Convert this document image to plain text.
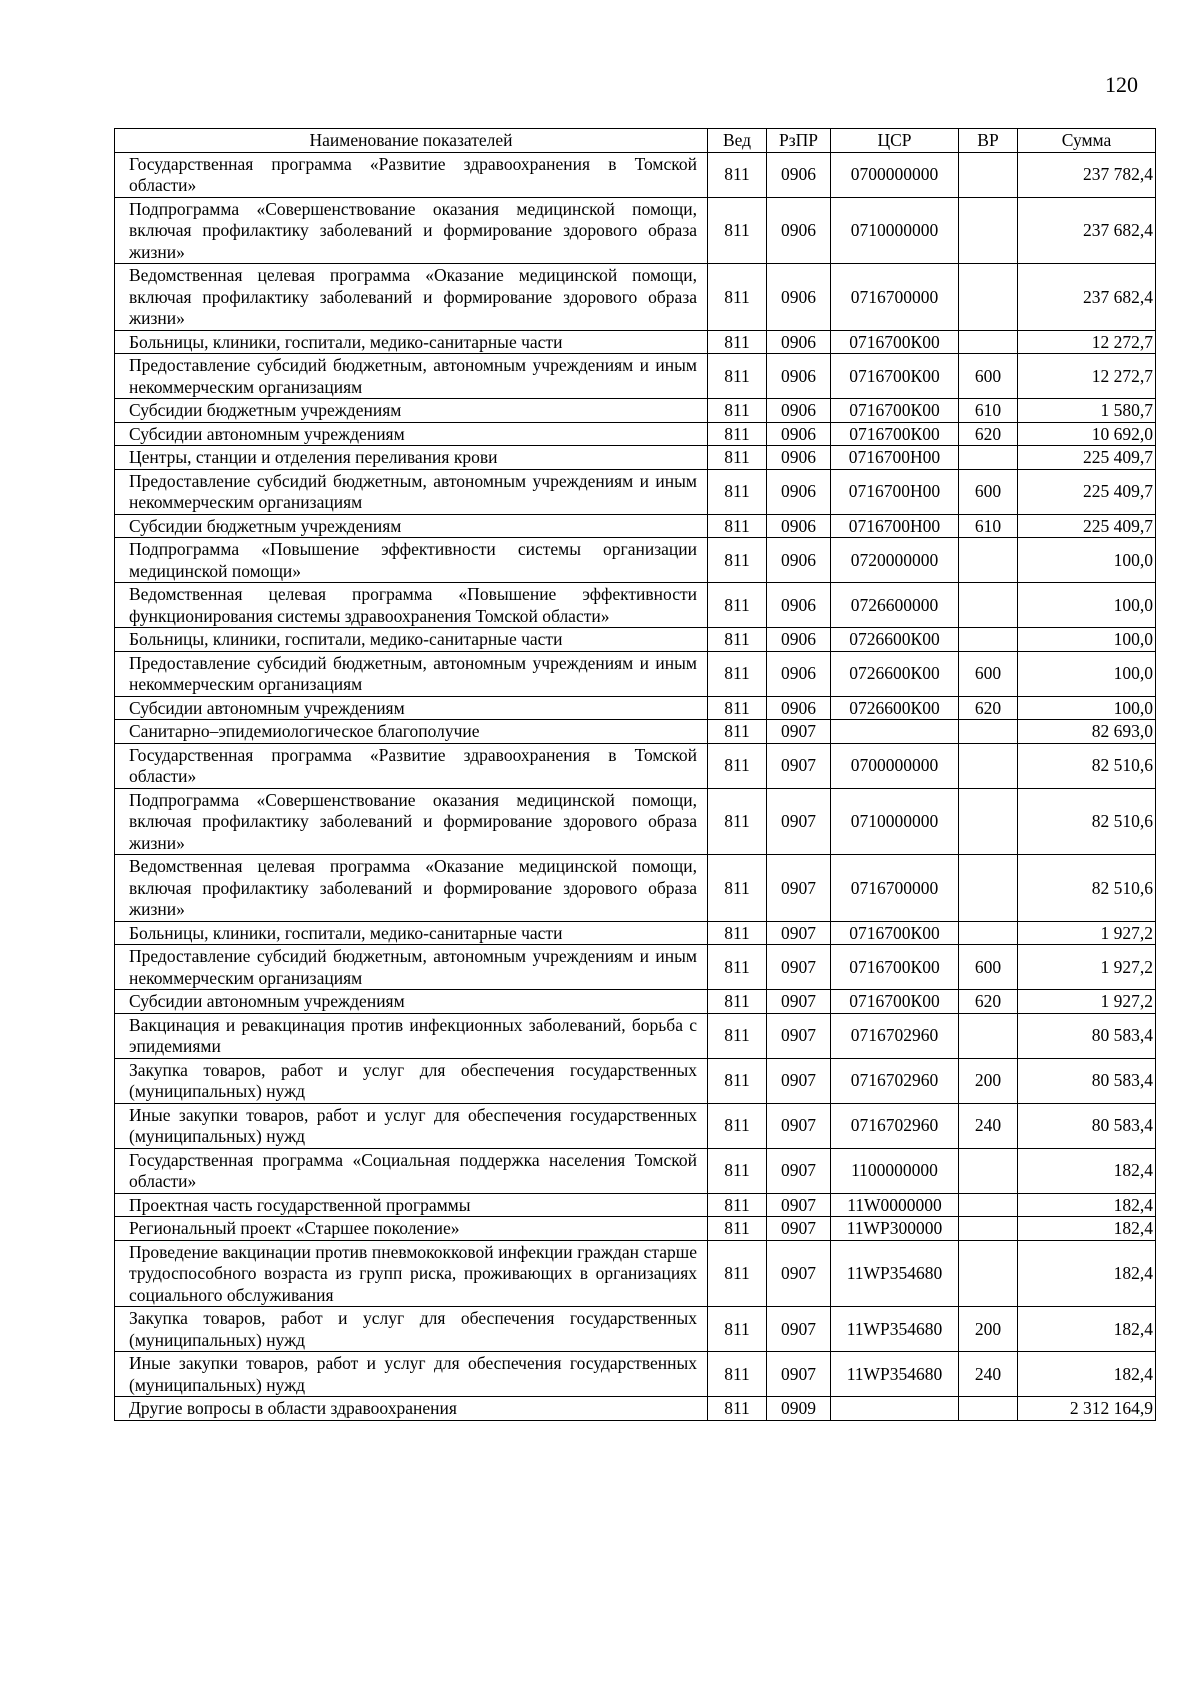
120
Наименование показателей	Вед	РзПР	ЦСР	ВР	Сумма
Государственная программа «Развитие здравоохранения в Томской области»	811	0906	0700000000		237 782,4
Подпрограмма «Совершенствование оказания медицинской помощи, включая профилактику заболеваний и формирование здорового образа жизни»	811	0906	0710000000		237 682,4
Ведомственная целевая программа «Оказание медицинской помощи, включая профилактику заболеваний и формирование здорового образа жизни»	811	0906	0716700000		237 682,4
Больницы, клиники, госпитали, медико-санитарные части	811	0906	0716700К00		12 272,7
Предоставление субсидий бюджетным, автономным учреждениям и иным некоммерческим организациям	811	0906	0716700К00	600	12 272,7
Субсидии бюджетным учреждениям	811	0906	0716700К00	610	1 580,7
Субсидии автономным учреждениям	811	0906	0716700К00	620	10 692,0
Центры, станции и отделения переливания крови	811	0906	0716700Н00		225 409,7
Предоставление субсидий бюджетным, автономным учреждениям и иным некоммерческим организациям	811	0906	0716700Н00	600	225 409,7
Субсидии бюджетным учреждениям	811	0906	0716700Н00	610	225 409,7
Подпрограмма «Повышение эффективности системы организации медицинской помощи»	811	0906	0720000000		100,0
Ведомственная целевая программа «Повышение эффективности функционирования системы здравоохранения Томской области»	811	0906	0726600000		100,0
Больницы, клиники, госпитали, медико-санитарные части	811	0906	0726600К00		100,0
Предоставление субсидий бюджетным, автономным учреждениям и иным некоммерческим организациям	811	0906	0726600К00	600	100,0
Субсидии автономным учреждениям	811	0906	0726600К00	620	100,0
Санитарно–эпидемиологическое благополучие	811	0907			82 693,0
Государственная программа «Развитие здравоохранения в Томской области»	811	0907	0700000000		82 510,6
Подпрограмма «Совершенствование оказания медицинской помощи, включая профилактику заболеваний и формирование здорового образа жизни»	811	0907	0710000000		82 510,6
Ведомственная целевая программа «Оказание медицинской помощи, включая профилактику заболеваний и формирование здорового образа жизни»	811	0907	0716700000		82 510,6
Больницы, клиники, госпитали, медико-санитарные части	811	0907	0716700К00		1 927,2
Предоставление субсидий бюджетным, автономным учреждениям и иным некоммерческим организациям	811	0907	0716700К00	600	1 927,2
Субсидии автономным учреждениям	811	0907	0716700К00	620	1 927,2
Вакцинация и ревакцинация против инфекционных заболеваний, борьба с эпидемиями	811	0907	0716702960		80 583,4
Закупка товаров, работ и услуг для обеспечения государственных (муниципальных) нужд	811	0907	0716702960	200	80 583,4
Иные закупки товаров, работ и услуг для обеспечения государственных (муниципальных) нужд	811	0907	0716702960	240	80 583,4
Государственная программа «Социальная поддержка населения Томской области»	811	0907	1100000000		182,4
Проектная часть государственной программы	811	0907	11W0000000		182,4
Региональный проект «Старшее поколение»	811	0907	11WP300000		182,4
Проведение вакцинации против пневмококковой инфекции граждан старше трудоспособного возраста из групп риска, проживающих в организациях социального обслуживания	811	0907	11WP354680		182,4
Закупка товаров, работ и услуг для обеспечения государственных (муниципальных) нужд	811	0907	11WP354680	200	182,4
Иные закупки товаров, работ и услуг для обеспечения государственных (муниципальных) нужд	811	0907	11WP354680	240	182,4
Другие вопросы в области здравоохранения	811	0909			2 312 164,9
